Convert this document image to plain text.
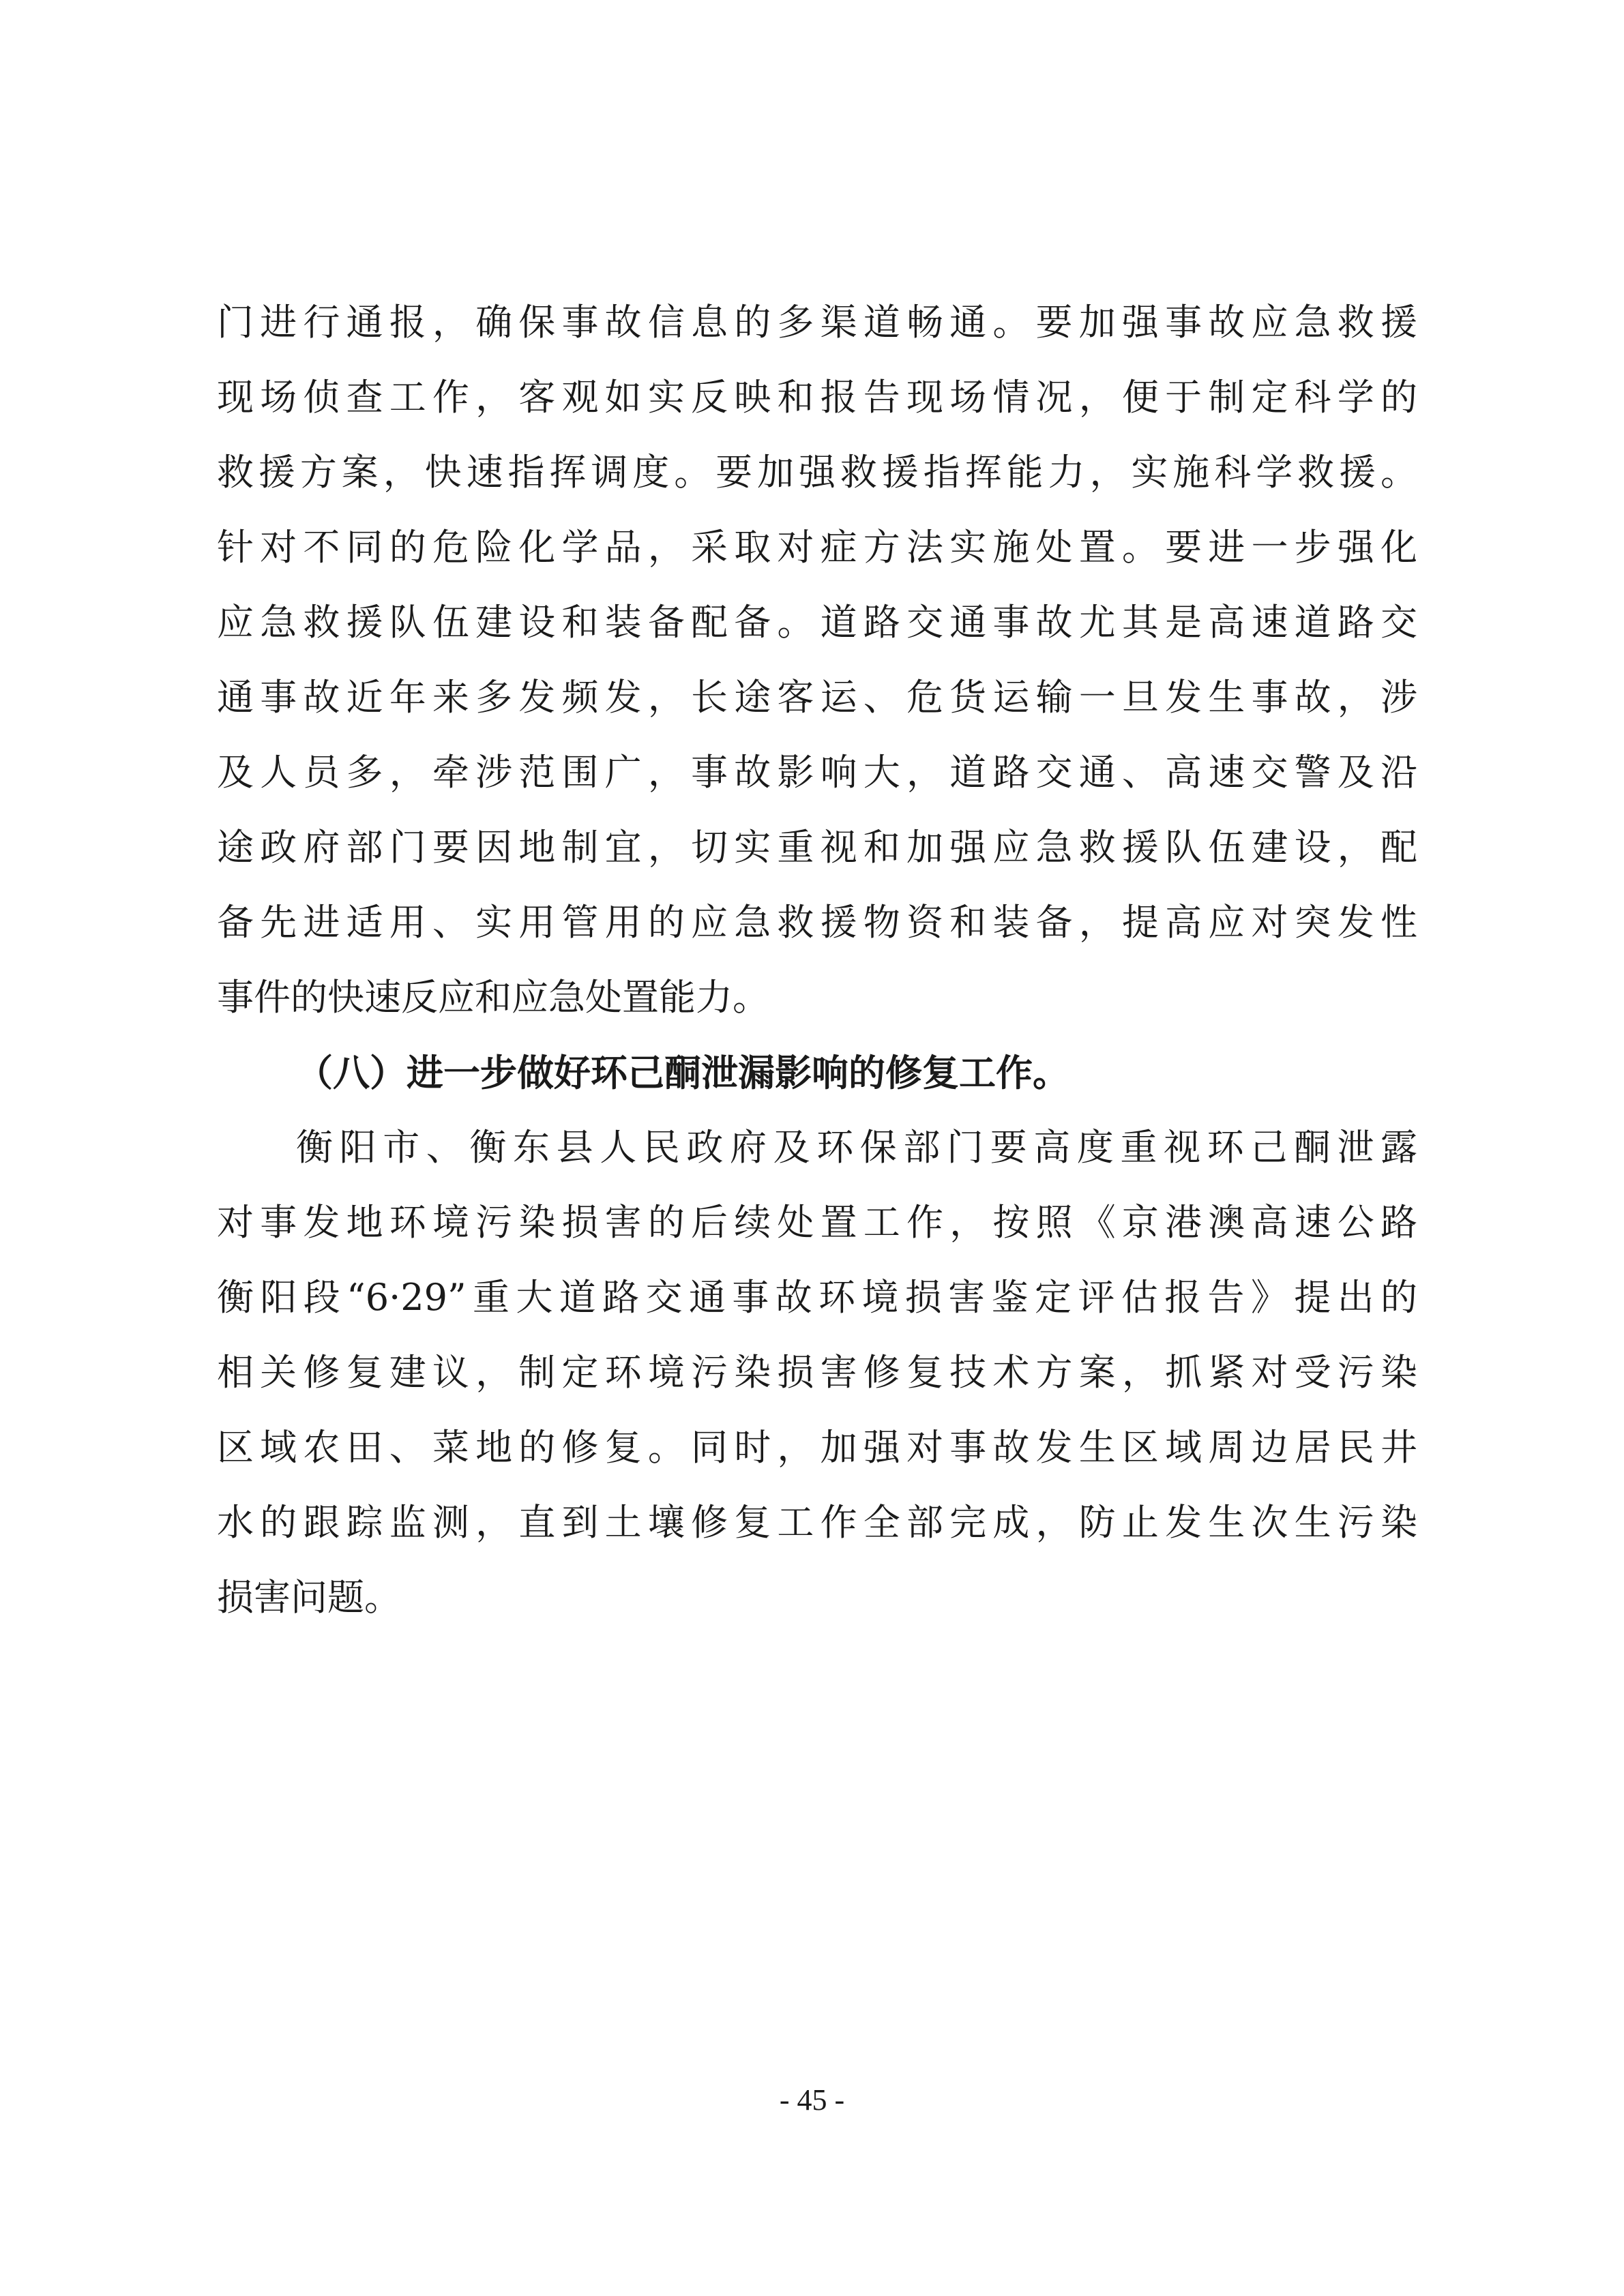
门进行通报，确保事故信息的多渠道畅通。要加强事故应急救援
现场侦查工作，客观如实反映和报告现场情况，便于制定科学的
救援方案，快速指挥调度。要加强救援指挥能力，实施科学救援。
针对不同的危险化学品，采取对症方法实施处置。要进一步强化
应急救援队伍建设和装备配备。道路交通事故尤其是高速道路交
通事故近年来多发频发，长途客运、危货运输一旦发生事故，涉
及人员多，牵涉范围广，事故影响大，道路交通、高速交警及沿
途政府部门要因地制宜，切实重视和加强应急救援队伍建设，配
备先进适用、实用管用的应急救援物资和装备，提高应对突发性
事件的快速反应和应急处置能力。
（八）进一步做好环己酮泄漏影响的修复工作。
衡阳市、衡东县人民政府及环保部门要高度重视环己酮泄露
对事发地环境污染损害的后续处置工作，按照《京港澳高速公路
衡阳段“6·29”重大道路交通事故环境损害鉴定评估报告》提出的
相关修复建议，制定环境污染损害修复技术方案，抓紧对受污染
区域农田、菜地的修复。同时，加强对事故发生区域周边居民井
水的跟踪监测，直到土壤修复工作全部完成，防止发生次生污染
损害问题。
- 45 -
